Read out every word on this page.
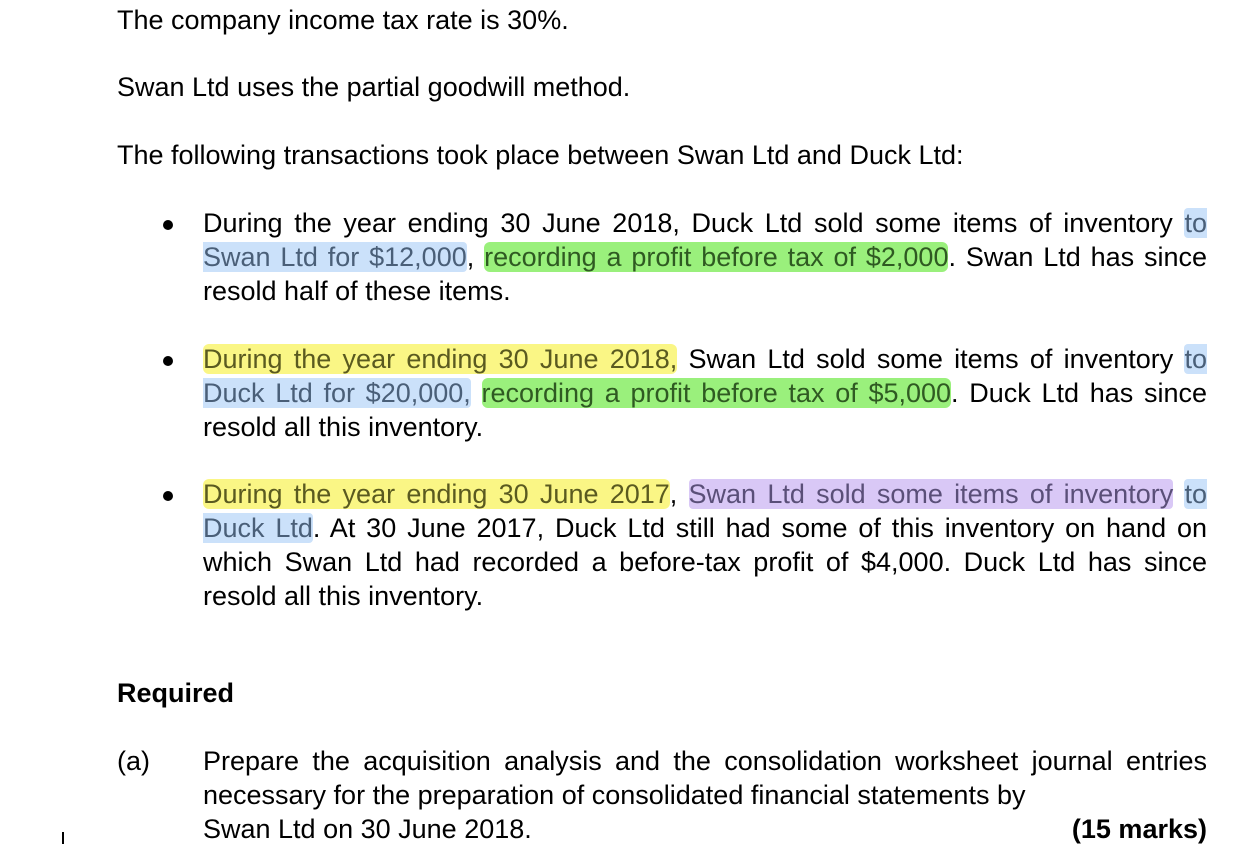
The company income tax rate is 30%.

Swan Ltd uses the partial goodwill method.

The following transactions took place between Swan Ltd and Duck Ltd:

During the year ending 30 June 2018, Duck Ltd sold some items of inventory to Swan Ltd for $12,000, recording a profit before tax of $2,000. Swan Ltd has since resold half of these items.
During the year ending 30 June 2018, Swan Ltd sold some items of inventory to Duck Ltd for $20,000, recording a profit before tax of $5,000. Duck Ltd has since resold all this inventory.
During the year ending 30 June 2017, Swan Ltd sold some items of inventory to Duck Ltd. At 30 June 2017, Duck Ltd still had some of this inventory on hand on which Swan Ltd had recorded a before-tax profit of $4,000. Duck Ltd has since resold all this inventory.
Required
(a) Prepare the acquisition analysis and the consolidation worksheet journal entries necessary for the preparation of consolidated financial statements by
Swan Ltd on 30 June 2018.	(15 marks)
